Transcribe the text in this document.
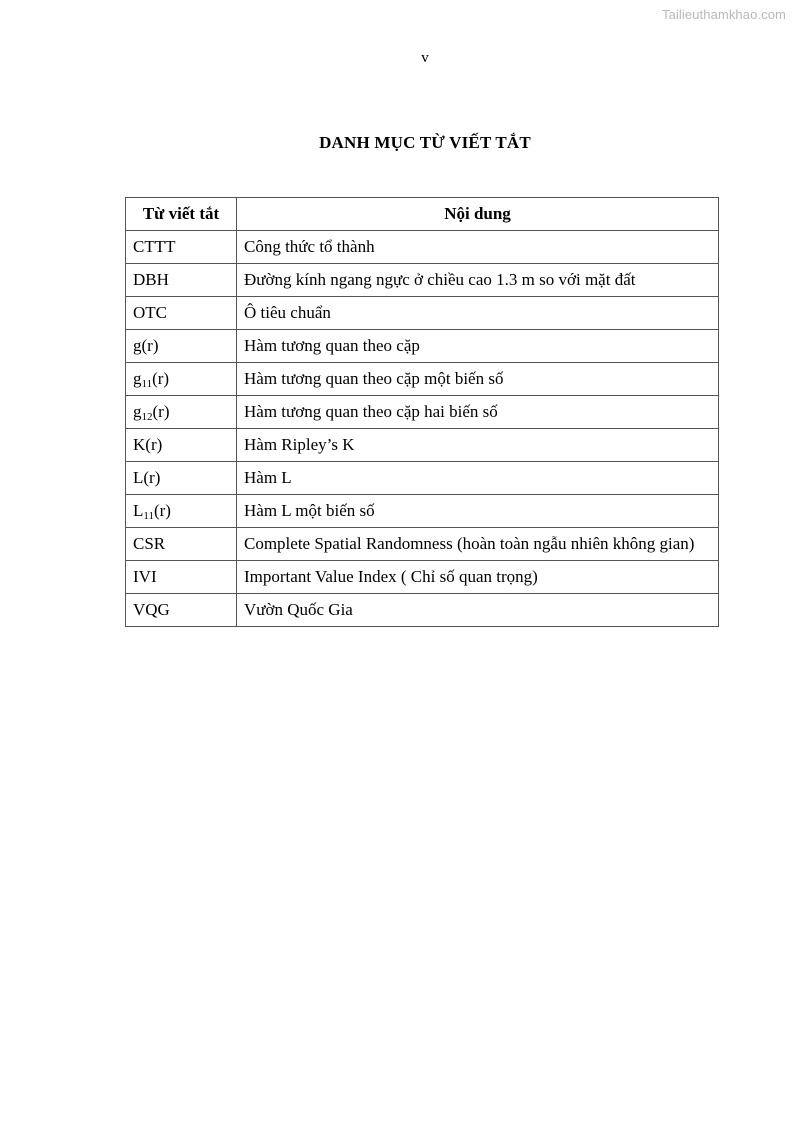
Tailieuthamkhao.com
v
DANH MỤC TỪ VIẾT TẮT
Từ viết tắt	Nội dung
CTTT	Công thức tổ thành
DBH	Đường kính ngang ngực ở chiều cao 1.3 m so với mặt đất
OTC	Ô tiêu chuẩn
g(r)	Hàm tương quan theo cặp
$g_{11}(r)$	Hàm tương quan theo cặp một biến số
$g_{12}(r)$	Hàm tương quan theo cặp hai biến số
K(r)	Hàm Ripley’s K
L(r)	Hàm L
$L_{11}(r)$	Hàm L một biến số
CSR	Complete Spatial Randomness (hoàn toàn ngẫu nhiên không gian)
IVI	Important Value Index ( Chỉ số quan trọng)
VQG	Vườn Quốc Gia
